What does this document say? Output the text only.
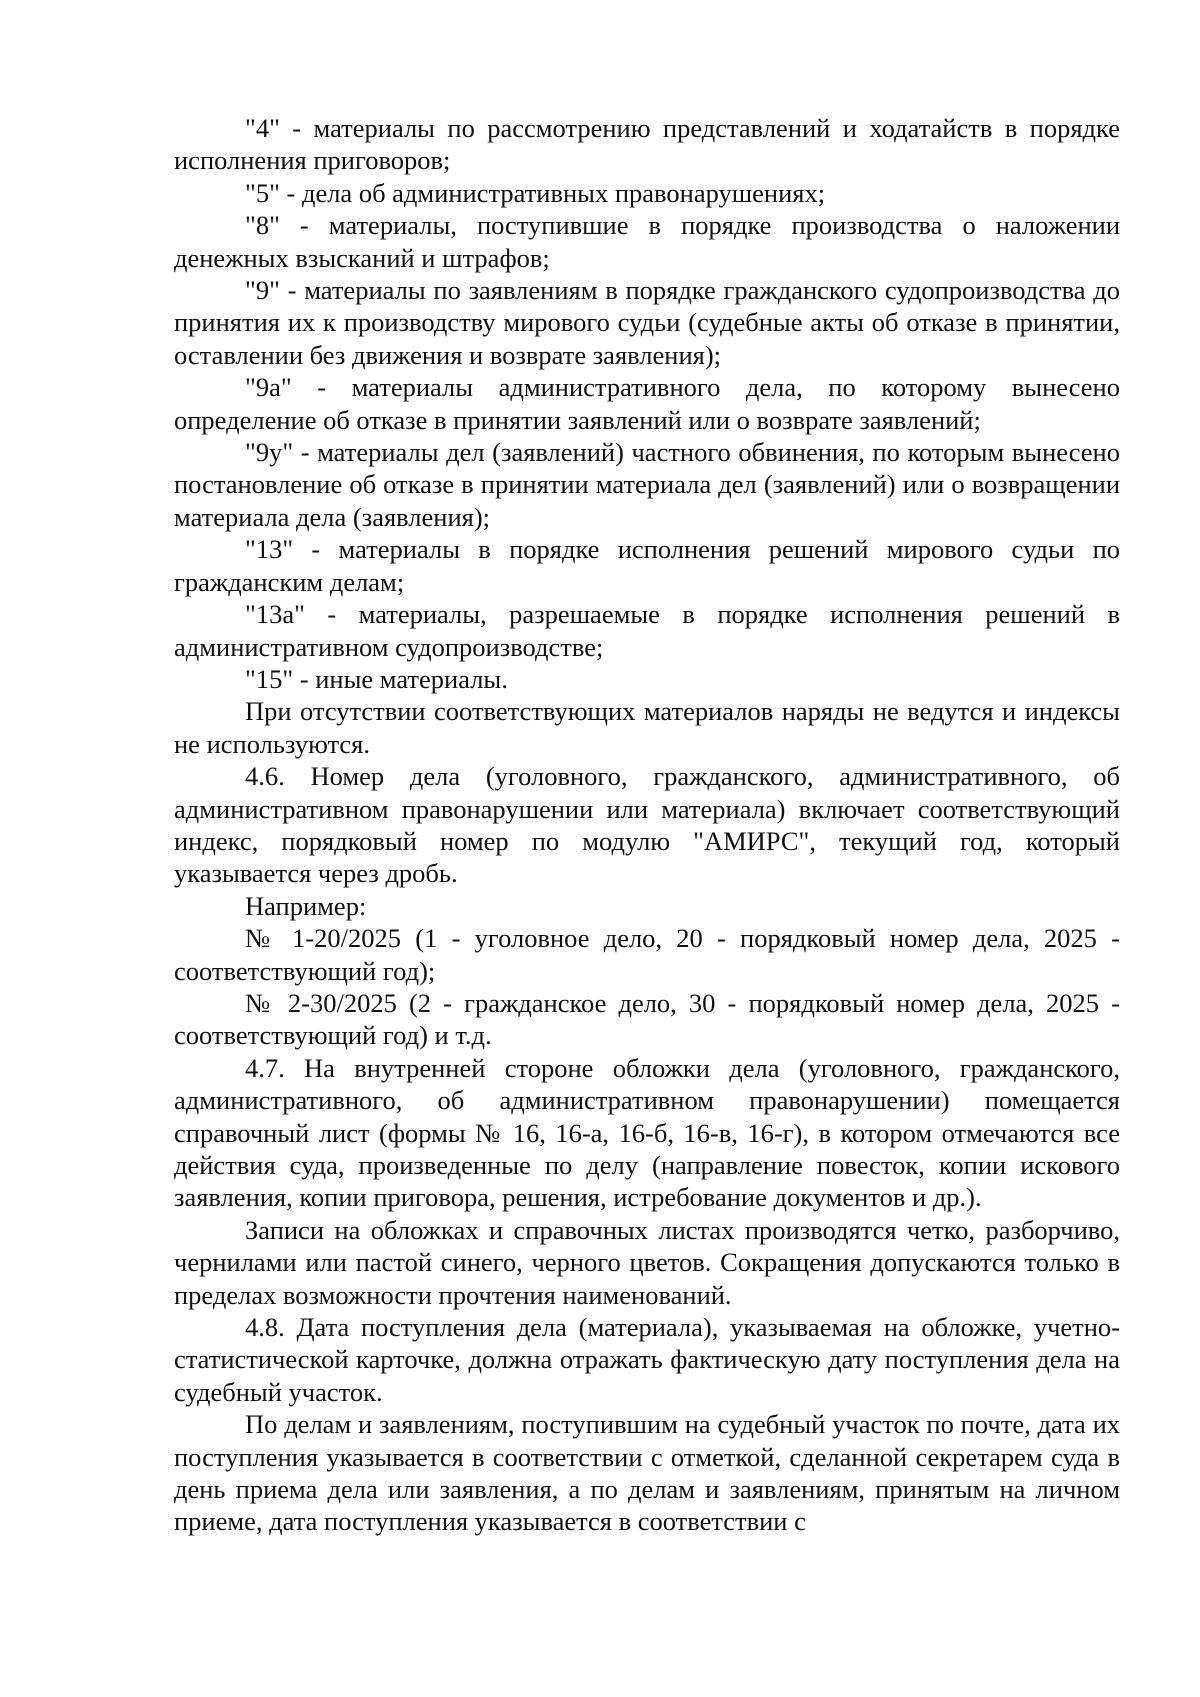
"4" - материалы по рассмотрению представлений и ходатайств в порядке исполнения приговоров;

"5" - дела об административных правонарушениях;

"8" - материалы, поступившие в порядке производства о наложении денежных взысканий и штрафов;

"9" - материалы по заявлениям в порядке гражданского судопроизводства до принятия их к производству мирового судьи (судебные акты об отказе в принятии, оставлении без движения и возврате заявления);

"9а" - материалы административного дела, по которому вынесено определение об отказе в принятии заявлений или о возврате заявлений;

"9у" - материалы дел (заявлений) частного обвинения, по которым вынесено постановление об отказе в принятии материала дел (заявлений) или о возвращении материала дела (заявления);

"13" - материалы в порядке исполнения решений мирового судьи по гражданским делам;

"13а" - материалы, разрешаемые в порядке исполнения решений в административном судопроизводстве;

"15" - иные материалы.

При отсутствии соответствующих материалов наряды не ведутся и индексы не используются.

4.6. Номер дела (уголовного, гражданского, административного, об административном правонарушении или материала) включает соответствующий индекс, порядковый номер по модулю "АМИРС", текущий год, который указывается через дробь.

Например:

№ 1-20/2025 (1 - уголовное дело, 20 - порядковый номер дела, 2025 - соответствующий год);

№ 2-30/2025 (2 - гражданское дело, 30 - порядковый номер дела, 2025 - соответствующий год) и т.д.

4.7. На внутренней стороне обложки дела (уголовного, гражданского, административного, об административном правонарушении) помещается справочный лист (формы № 16, 16-а, 16-б, 16-в, 16-г), в котором отмечаются все действия суда, произведенные по делу (направление повесток, копии искового заявления, копии приговора, решения, истребование документов и др.).

Записи на обложках и справочных листах производятся четко, разборчиво, чернилами или пастой синего, черного цветов. Сокращения допускаются только в пределах возможности прочтения наименований.

4.8. Дата поступления дела (материала), указываемая на обложке, учетно-статистической карточке, должна отражать фактическую дату поступления дела на судебный участок.

По делам и заявлениям, поступившим на судебный участок по почте, дата их поступления указывается в соответствии с отметкой, сделанной секретарем суда в день приема дела или заявления, а по делам и заявлениям, принятым на личном приеме, дата поступления указывается в соответствии с
